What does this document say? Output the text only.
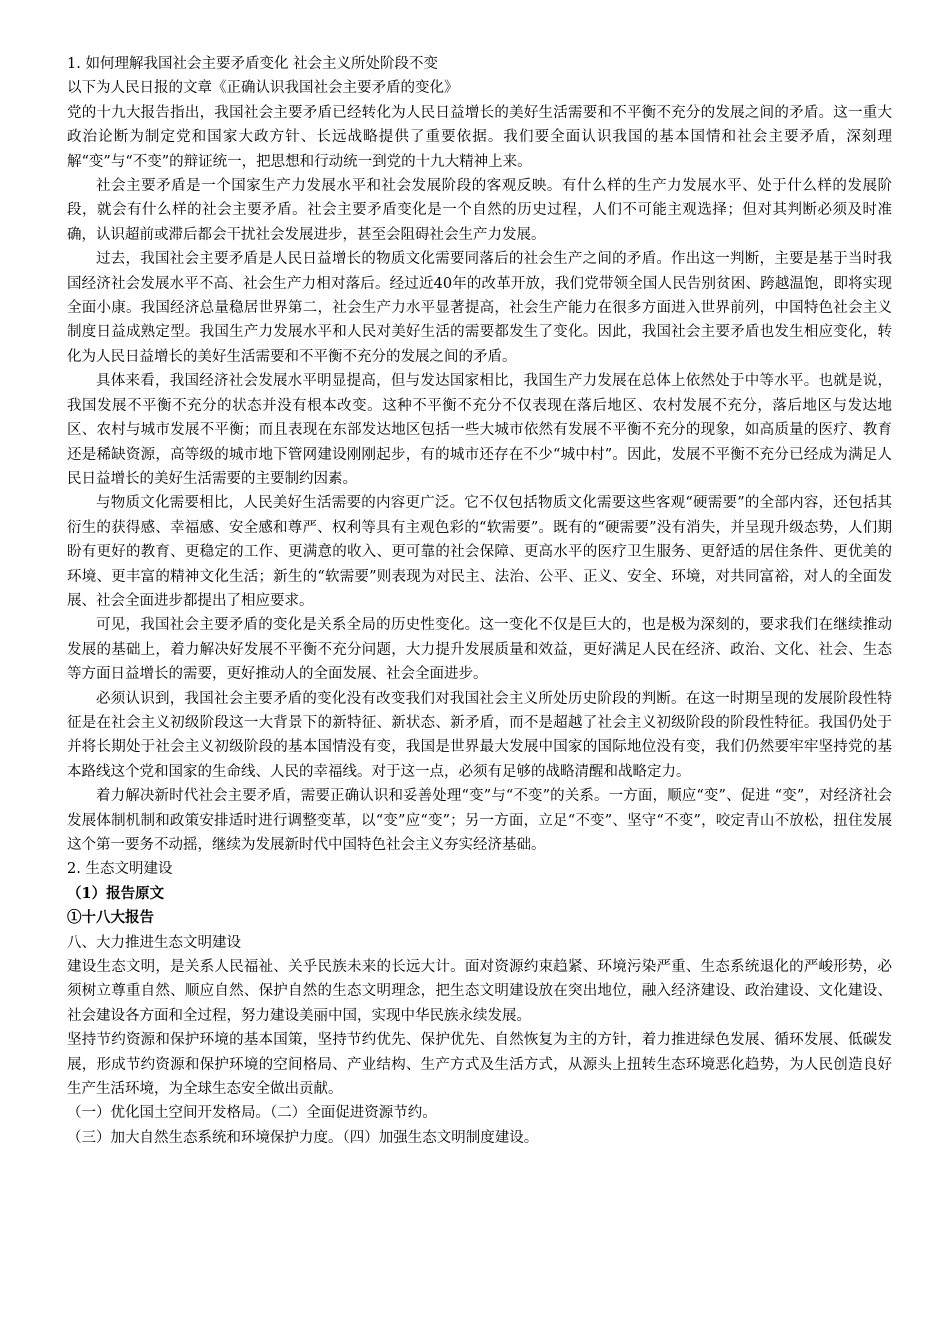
1. 如何理解我国社会主要矛盾变化 社会主义所处阶段不变

以下为人民日报的文章《正确认识我国社会主要矛盾的变化》

党的十九大报告指出，我国社会主要矛盾已经转化为人民日益增长的美好生活需要和不平衡不充分的发展之间的矛盾。这一重大政治论断为制定党和国家大政方针、长远战略提供了重要依据。我们要全面认识我国的基本国情和社会主要矛盾，深刻理解“变”与“不变”的辩证统一，把思想和行动统一到党的十九大精神上来。

社会主要矛盾是一个国家生产力发展水平和社会发展阶段的客观反映。有什么样的生产力发展水平、处于什么样的发展阶段，就会有什么样的社会主要矛盾。社会主要矛盾变化是一个自然的历史过程，人们不可能主观选择；但对其判断必须及时准确，认识超前或滞后都会干扰社会发展进步，甚至会阻碍社会生产力发展。

过去，我国社会主要矛盾是人民日益增长的物质文化需要同落后的社会生产之间的矛盾。作出这一判断，主要是基于当时我国经济社会发展水平不高、社会生产力相对落后。经过近40年的改革开放，我们党带领全国人民告别贫困、跨越温饱，即将实现全面小康。我国经济总量稳居世界第二，社会生产力水平显著提高，社会生产能力在很多方面进入世界前列，中国特色社会主义制度日益成熟定型。我国生产力发展水平和人民对美好生活的需要都发生了变化。因此，我国社会主要矛盾也发生相应变化，转化为人民日益增长的美好生活需要和不平衡不充分的发展之间的矛盾。

具体来看，我国经济社会发展水平明显提高，但与发达国家相比，我国生产力发展在总体上依然处于中等水平。也就是说，我国发展不平衡不充分的状态并没有根本改变。这种不平衡不充分不仅表现在落后地区、农村发展不充分，落后地区与发达地区、农村与城市发展不平衡；而且表现在东部发达地区包括一些大城市依然有发展不平衡不充分的现象，如高质量的医疗、教育还是稀缺资源，高等级的城市地下管网建设刚刚起步，有的城市还存在不少“城中村”。因此，发展不平衡不充分已经成为满足人民日益增长的美好生活需要的主要制约因素。

与物质文化需要相比，人民美好生活需要的内容更广泛。它不仅包括物质文化需要这些客观“硬需要”的全部内容，还包括其衍生的获得感、幸福感、安全感和尊严、权利等具有主观色彩的“软需要”。既有的“硬需要”没有消失，并呈现升级态势，人们期盼有更好的教育、更稳定的工作、更满意的收入、更可靠的社会保障、更高水平的医疗卫生服务、更舒适的居住条件、更优美的环境、更丰富的精神文化生活；新生的“软需要”则表现为对民主、法治、公平、正义、安全、环境，对共同富裕，对人的全面发展、社会全面进步都提出了相应要求。

可见，我国社会主要矛盾的变化是关系全局的历史性变化。这一变化不仅是巨大的，也是极为深刻的，要求我们在继续推动发展的基础上，着力解决好发展不平衡不充分问题，大力提升发展质量和效益，更好满足人民在经济、政治、文化、社会、生态等方面日益增长的需要，更好推动人的全面发展、社会全面进步。

必须认识到，我国社会主要矛盾的变化没有改变我们对我国社会主义所处历史阶段的判断。在这一时期呈现的发展阶段性特征是在社会主义初级阶段这一大背景下的新特征、新状态、新矛盾，而不是超越了社会主义初级阶段的阶段性特征。我国仍处于并将长期处于社会主义初级阶段的基本国情没有变，我国是世界最大发展中国家的国际地位没有变，我们仍然要牢牢坚持党的基本路线这个党和国家的生命线、人民的幸福线。对于这一点，必须有足够的战略清醒和战略定力。

着力解决新时代社会主要矛盾，需要正确认识和妥善处理“变”与“不变”的关系。一方面，顺应“变”、促进 “变”，对经济社会发展体制机制和政策安排适时进行调整变革，以“变”应“变”；另一方面，立足“不变”、坚守“不变”，咬定青山不放松，扭住发展这个第一要务不动摇，继续为发展新时代中国特色社会主义夯实经济基础。

2. 生态文明建设

（1）报告原文

①十八大报告

八、大力推进生态文明建设

建设生态文明，是关系人民福祉、关乎民族未来的长远大计。面对资源约束趋紧、环境污染严重、生态系统退化的严峻形势，必须树立尊重自然、顺应自然、保护自然的生态文明理念，把生态文明建设放在突出地位，融入经济建设、政治建设、文化建设、社会建设各方面和全过程，努力建设美丽中国，实现中华民族永续发展。

坚持节约资源和保护环境的基本国策，坚持节约优先、保护优先、自然恢复为主的方针，着力推进绿色发展、循环发展、低碳发展，形成节约资源和保护环境的空间格局、产业结构、生产方式及生活方式，从源头上扭转生态环境恶化趋势，为人民创造良好生产生活环境，为全球生态安全做出贡献。

（一）优化国土空间开发格局。（二）全面促进资源节约。

（三）加大自然生态系统和环境保护力度。（四）加强生态文明制度建设。
